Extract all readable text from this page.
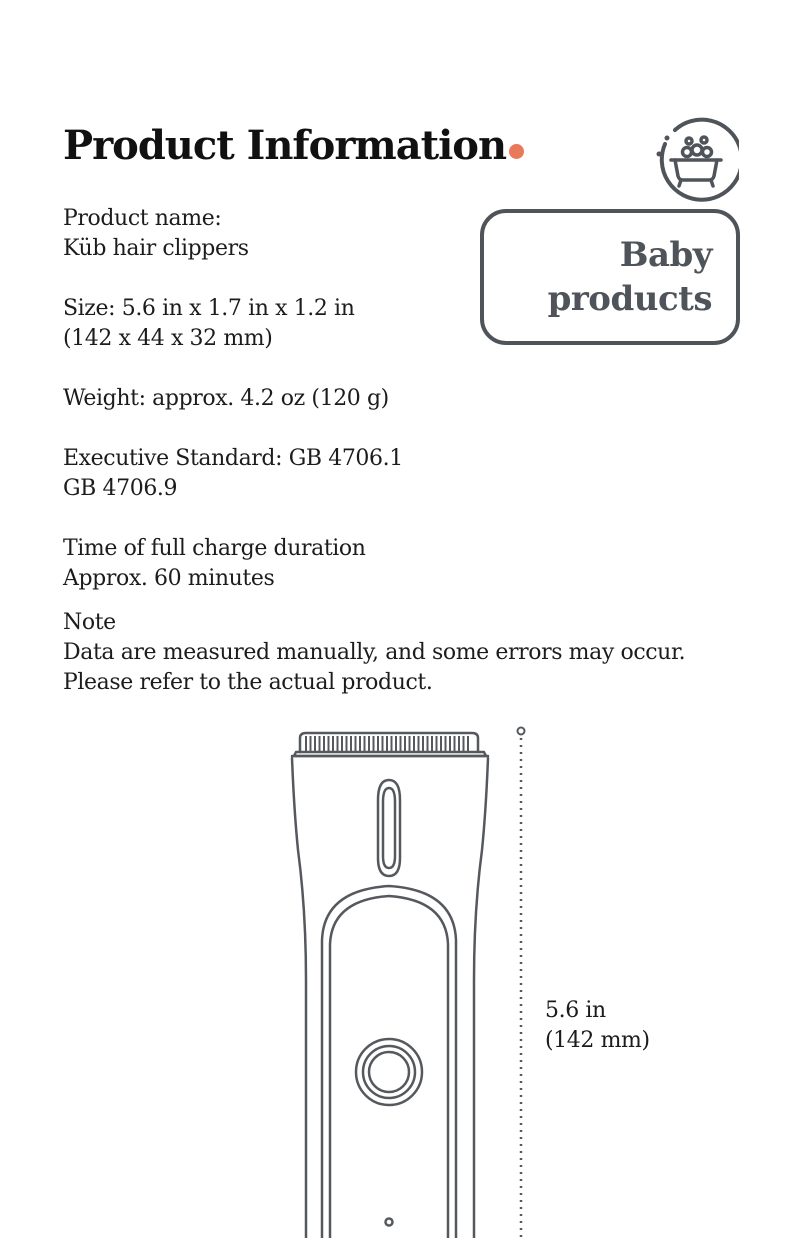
Product Information
Baby
products

Product name:

Küb hair clippers

Size: 5.6 in x 1.7 in x 1.2 in

(142 x 44 x 32 mm)

Weight: approx. 4.2 oz (120 g)

Executive Standard: GB 4706.1

GB 4706.9

Time of full charge duration

Approx. 60 minutes

Note

Data are measured manually, and some errors may occur.

Please refer to the actual product.

5.6 in

(142 mm)
